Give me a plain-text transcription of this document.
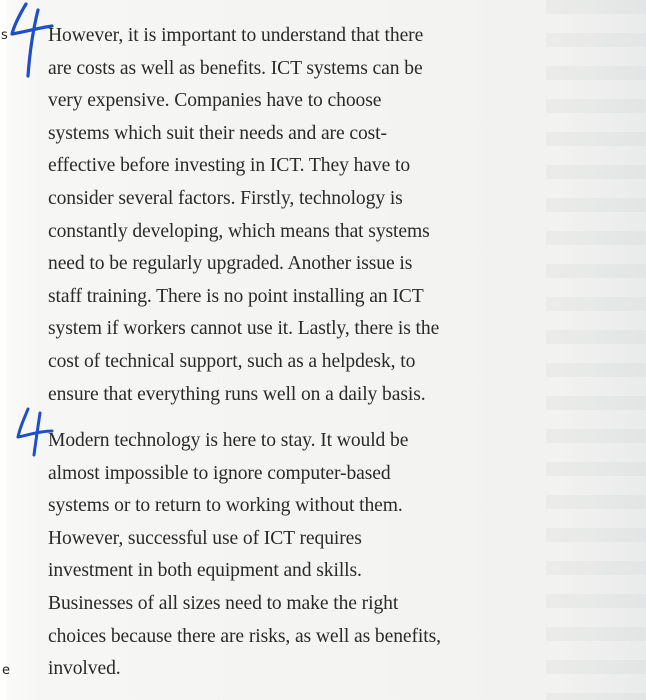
s
e
However, it is important to understand that there
are costs as well as benefits. ICT systems can be
very expensive. Companies have to choose
systems which suit their needs and are cost-
effective before investing in ICT. They have to
consider several factors. Firstly, technology is
constantly developing, which means that systems
need to be regularly upgraded. Another issue is
staff training. There is no point installing an ICT
system if workers cannot use it. Lastly, there is the
cost of technical support, such as a helpdesk, to
ensure that everything runs well on a daily basis.
Modern technology is here to stay. It would be
almost impossible to ignore computer-based
systems or to return to working without them.
However, successful use of ICT requires
investment in both equipment and skills.
Businesses of all sizes need to make the right
choices because there are risks, as well as benefits,
involved.
